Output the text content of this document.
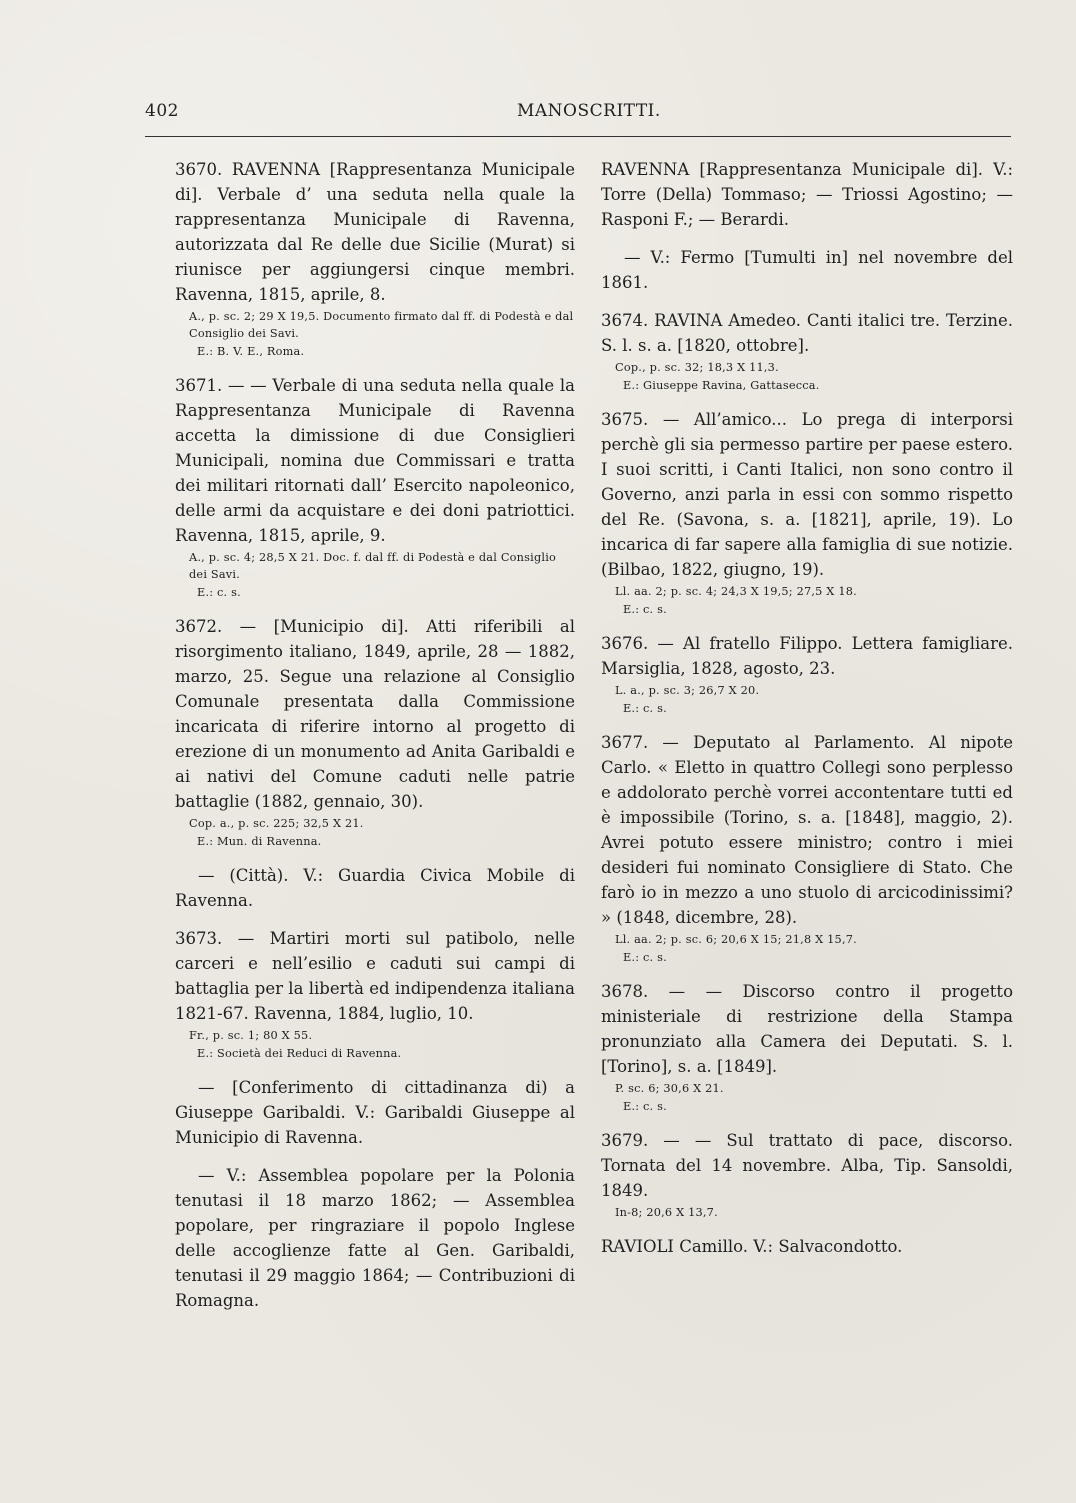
402	MANOSCRITTI.

3670. RAVENNA [Rappresentanza Municipale di]. Verbale d’ una seduta nella quale la rappresentanza Municipale di Ravenna, autorizzata dal Re delle due Sicilie (Murat) si riunisce per aggiungersi cinque membri. Ravenna, 1815, aprile, 8.

A., p. sc. 2; 29 X 19,5. Documento firmato dal ff. di Podestà e dal Consiglio dei Savi.

E.: B. V. E., Roma.

3671. — — Verbale di una seduta nella quale la Rappresentanza Municipale di Ravenna accetta la dimissione di due Consiglieri Municipali, nomina due Commissari e tratta dei militari ritornati dall’ Esercito napoleonico, delle armi da acquistare e dei doni patriottici. Ravenna, 1815, aprile, 9.

A., p. sc. 4; 28,5 X 21. Doc. f. dal ff. di Podestà e dal Consiglio dei Savi.

E.: c. s.

3672. — [Municipio di]. Atti riferibili al risorgimento italiano, 1849, aprile, 28 — 1882, marzo, 25. Segue una relazione al Consiglio Comunale presentata dalla Commissione incaricata di riferire intorno al progetto di erezione di un monumento ad Anita Garibaldi e ai nativi del Comune caduti nelle patrie battaglie (1882, gennaio, 30).

Cop. a., p. sc. 225; 32,5 X 21.

E.: Mun. di Ravenna.

— (Città). V.: Guardia Civica Mobile di Ravenna.

3673. — Martiri morti sul patibolo, nelle carceri e nell’esilio e caduti sui campi di battaglia per la libertà ed indipendenza italiana 1821-67. Ravenna, 1884, luglio, 10.

Fr., p. sc. 1; 80 X 55.

E.: Società dei Reduci di Ravenna.

— [Conferimento di cittadinanza di) a Giuseppe Garibaldi. V.: Garibaldi Giuseppe al Municipio di Ravenna.

— V.: Assemblea popolare per la Polonia tenutasi il 18 marzo 1862; — Assemblea popolare, per ringraziare il popolo Inglese delle accoglienze fatte al Gen. Garibaldi, tenutasi il 29 maggio 1864; — Contribuzioni di Romagna.

RAVENNA [Rappresentanza Municipale di]. V.: Torre (Della) Tommaso; — Triossi Agostino; — Rasponi F.; — Berardi.

— V.: Fermo [Tumulti in] nel novembre del 1861.

3674. RAVINA Amedeo. Canti italici tre. Terzine. S. l. s. a. [1820, ottobre].

Cop., p. sc. 32; 18,3 X 11,3.

E.: Giuseppe Ravina, Gattasecca.

3675. — All’amico... Lo prega di interporsi perchè gli sia permesso partire per paese estero. I suoi scritti, i Canti Italici, non sono contro il Governo, anzi parla in essi con sommo rispetto del Re. (Savona, s. a. [1821], aprile, 19). Lo incarica di far sapere alla famiglia di sue notizie. (Bilbao, 1822, giugno, 19).

Ll. aa. 2; p. sc. 4; 24,3 X 19,5; 27,5 X 18.

E.: c. s.

3676. — Al fratello Filippo. Lettera famigliare. Marsiglia, 1828, agosto, 23.

L. a., p. sc. 3; 26,7 X 20.

E.: c. s.

3677. — Deputato al Parlamento. Al nipote Carlo. « Eletto in quattro Collegi sono perplesso e addolorato perchè vorrei accontentare tutti ed è impossibile (Torino, s. a. [1848], maggio, 2). Avrei potuto essere ministro; contro i miei desideri fui nominato Consigliere di Stato. Che farò io in mezzo a uno stuolo di arcicodinissimi? » (1848, dicembre, 28).

Ll. aa. 2; p. sc. 6; 20,6 X 15; 21,8 X 15,7.

E.: c. s.

3678. — — Discorso contro il progetto ministeriale di restrizione della Stampa pronunziato alla Camera dei Deputati. S. l. [Torino], s. a. [1849].

P. sc. 6; 30,6 X 21.

E.: c. s.

3679. — — Sul trattato di pace, discorso. Tornata del 14 novembre. Alba, Tip. Sansoldi, 1849.

In-8; 20,6 X 13,7.

RAVIOLI Camillo. V.: Salvacondotto.
